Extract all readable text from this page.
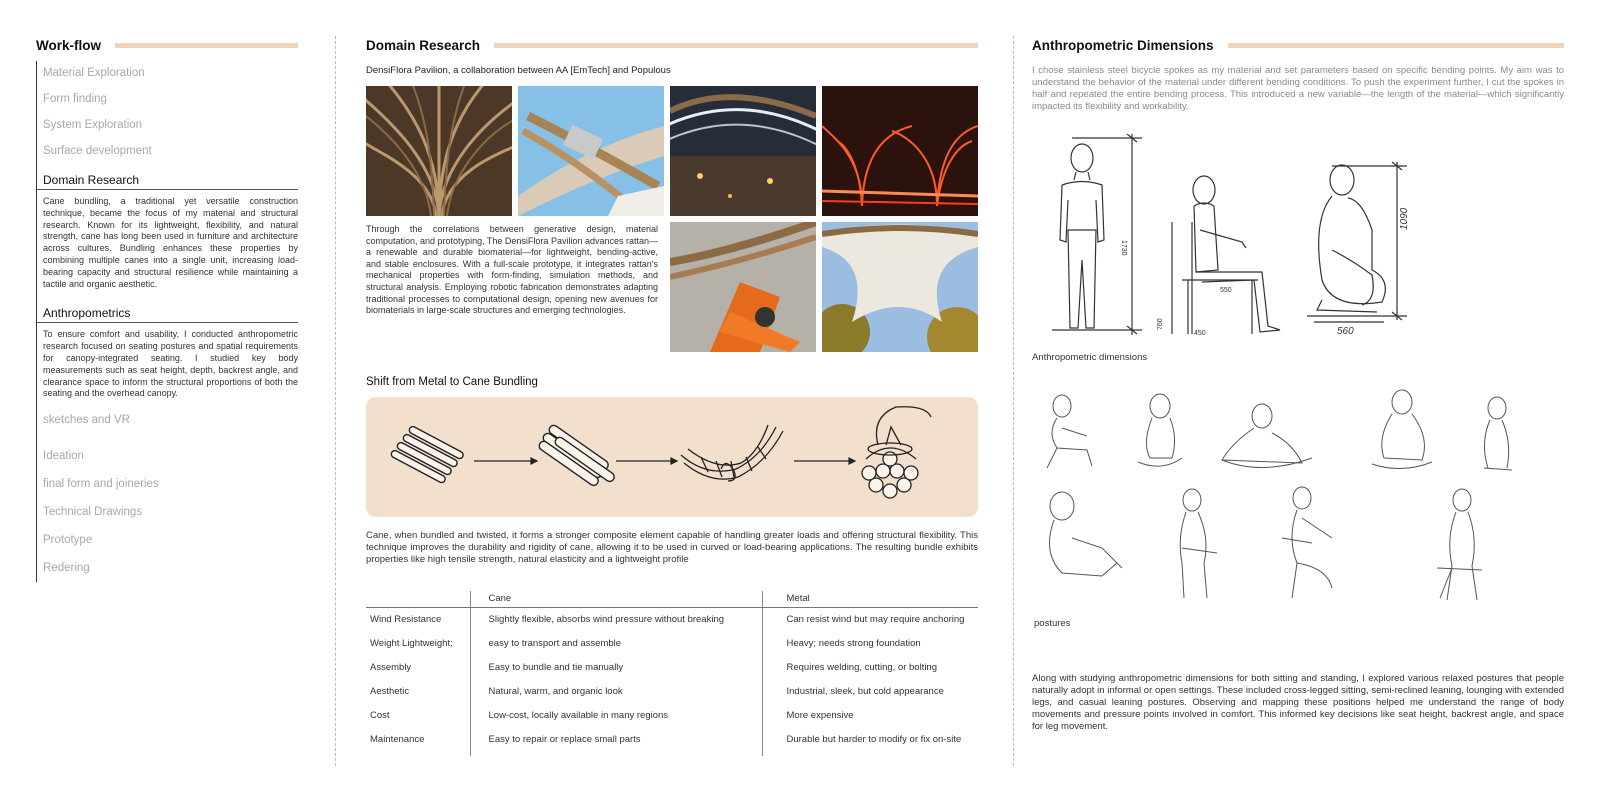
Work-flow
Material Exploration
Form finding
System Exploration
Surface development
Domain Research
Cane bundling, a traditional yet versatile construction technique, became the focus of my material and structural research. Known for its lightweight, flexibility, and natural strength, cane has long been used in furniture and architecture across cultures. Bundling enhances these properties by combining multiple canes into a single unit, increasing load-bearing capacity and structural resilience while maintaining a tactile and organic aesthetic.
Anthropometrics
To ensure comfort and usability, I conducted anthropometric research focused on seating postures and spatial requirements for canopy-integrated seating. I studied key body measurements such as seat height, depth, backrest angle, and clearance space to inform the structural proportions of both the seating and the overhead canopy.
sketches and VR
Ideation
final form and joineries
Technical Drawings
Prototype
Redering
Domain Research
DensiFlora Pavilion, a collaboration between AA [EmTech] and Populous
Through the correlations between generative design, material computation, and prototyping, The DensiFlora Pavilion advances rattan—a renewable and durable biomaterial—for lightweight, bending-active, and stable enclosures. With a full-scale prototype, it integrates rattan's mechanical properties with form-finding, simulation methods, and structural analysis. Employing robotic fabrication demonstrates adapting traditional processes to computational design, opening new avenues for biomaterials in large-scale structures and emerging technologies.
Shift from Metal to Cane Bundling
Cane, when bundled and twisted, it forms a stronger composite element capable of handling greater loads and offering structural flexibility. This technique improves the durability and rigidity of cane, allowing it to be used in curved or load-bearing applications. The resulting bundle exhibits properties like high tensile strength, natural elasticity and a lightweight profile
	Cane	Metal
Wind Resistance	Slightly flexible, absorbs wind pressure without breaking	Can resist wind but may require anchoring
Weight Lightweight;	easy to transport and assemble	Heavy; needs strong foundation
Assembly	Easy to bundle and tie manually	Requires welding, cutting, or bolting
Aesthetic	Natural, warm, and organic look	Industrial, sleek, but cold appearance
Cost	Low-cost, locally available in many regions	More expensive
Maintenance	Easy to repair or replace small parts	Durable but harder to modify or fix on-site
Anthropometric Dimensions
I chose stainless steel bicycle spokes as my material and set parameters based on specific bending points. My aim was to understand the behavior of the material under different bending conditions. To push the experiment further, I cut the spokes in half and repeated the entire bending process. This introduced a new variable—the length of the material—which significantly impacted its flexibility and workability.
1730
550
760
450
1090
560
Anthropometric dimensions
postures
Along with studying anthropometric dimensions for both sitting and standing, I explored various relaxed postures that people naturally adopt in informal or open settings. These included cross-legged sitting, semi-reclined leaning, lounging with extended legs, and casual leaning postures. Observing and mapping these positions helped me understand the range of body movements and pressure points involved in comfort. This informed key decisions like seat height, backrest angle, and space for leg movement.
